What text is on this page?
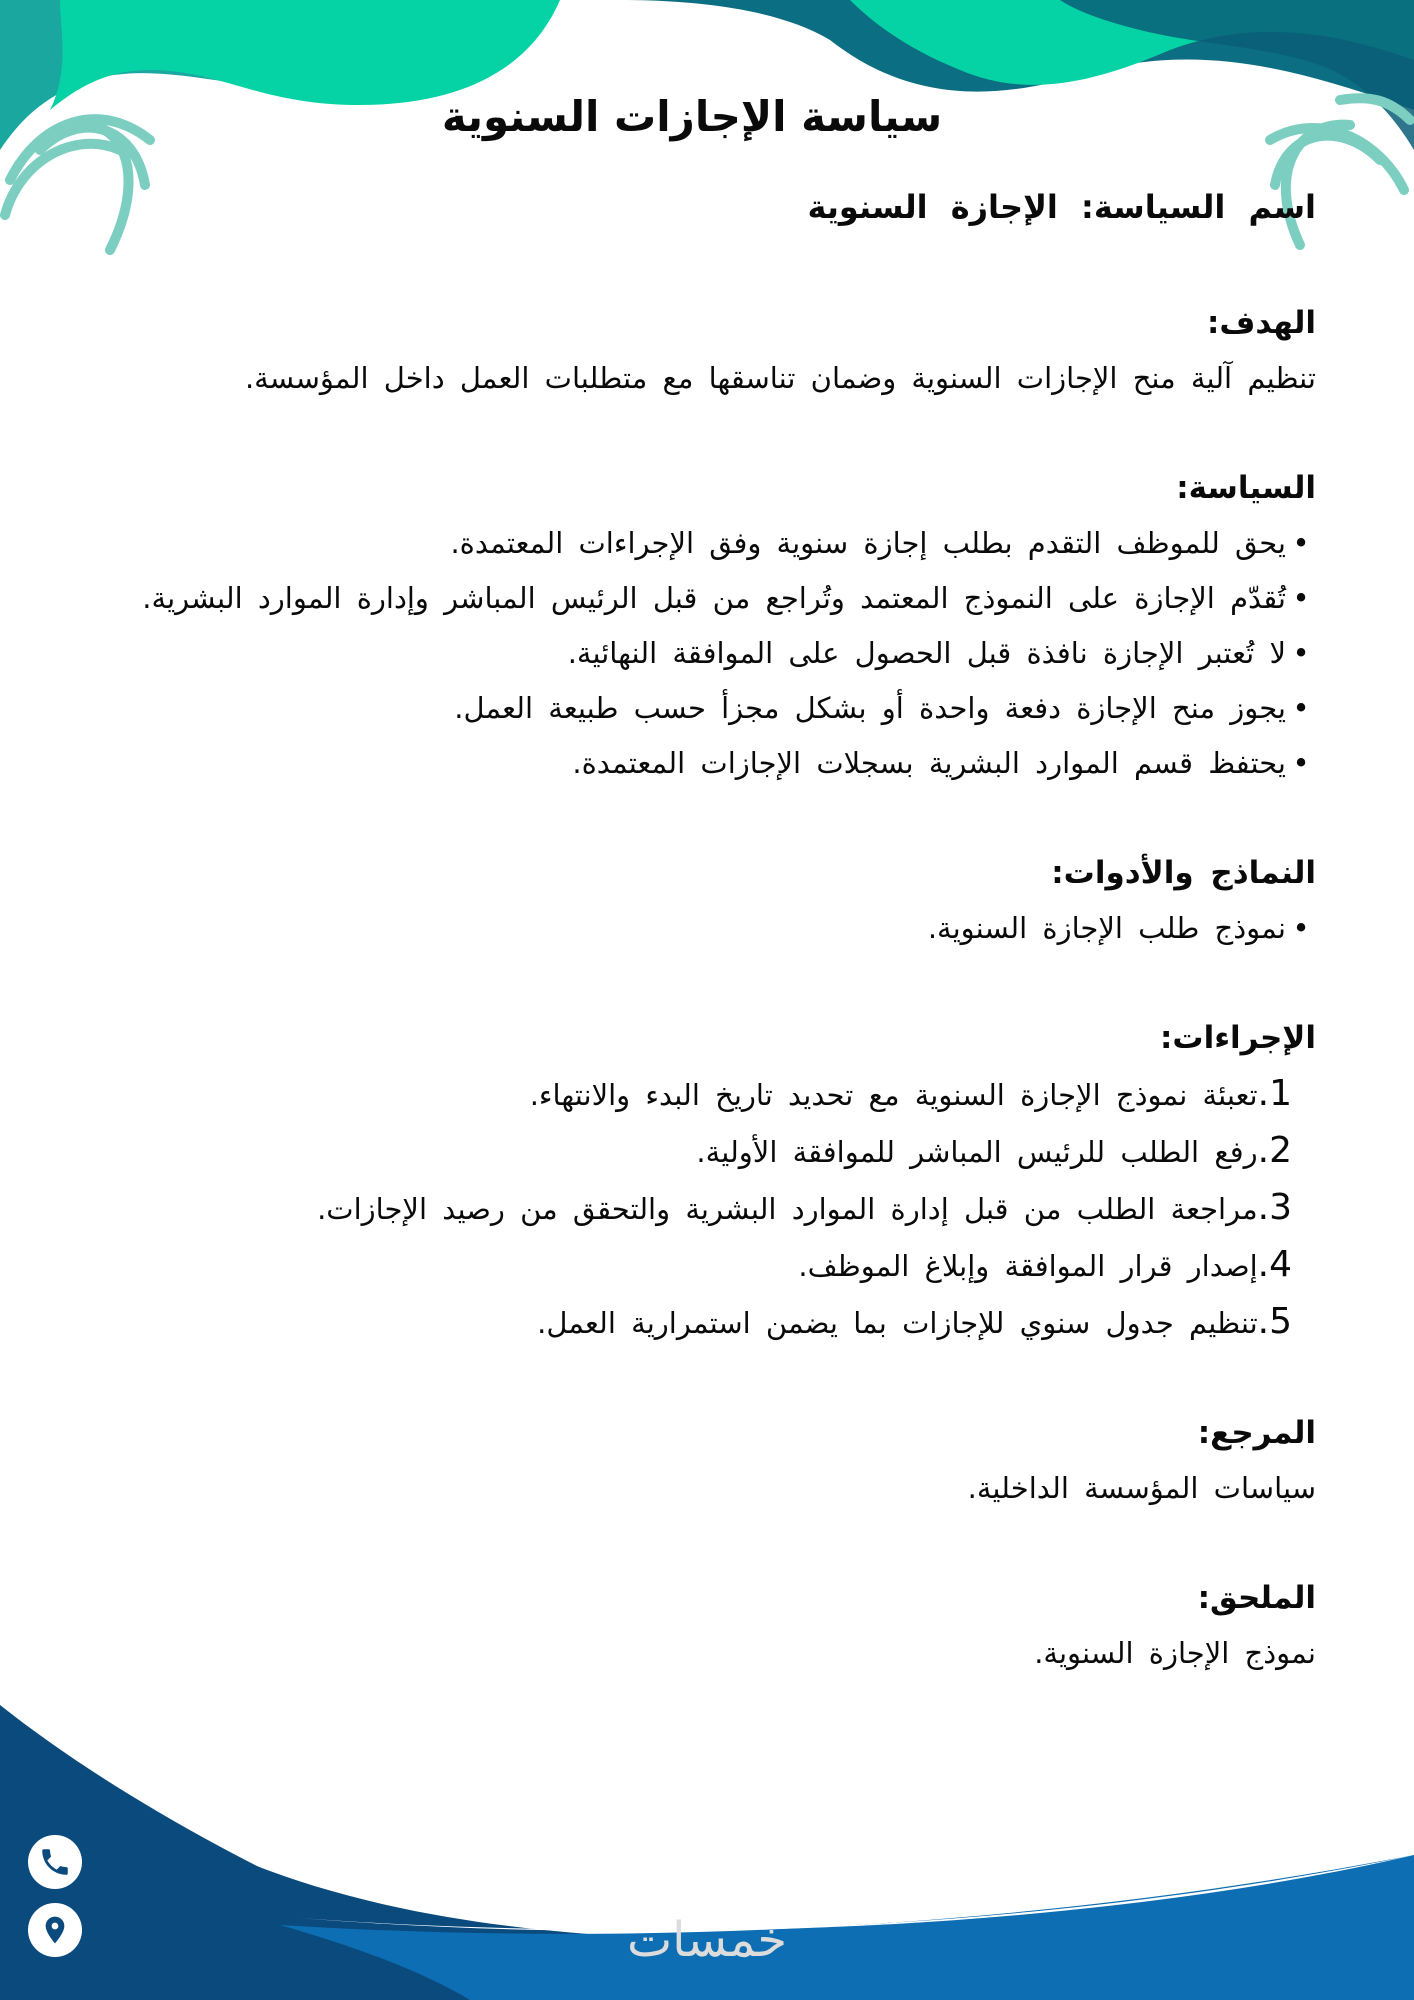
سياسة الإجازات السنوية

اسم السياسة: الإجازة السنوية

الهدف:

تنظيم آلية منح الإجازات السنوية وضمان تناسقها مع متطلبات العمل داخل المؤسسة.

السياسة:

•يحق للموظف التقدم بطلب إجازة سنوية وفق الإجراءات المعتمدة.
•تُقدّم الإجازة على النموذج المعتمد وتُراجع من قبل الرئيس المباشر وإدارة الموارد البشرية.
•لا تُعتبر الإجازة نافذة قبل الحصول على الموافقة النهائية.
•يجوز منح الإجازة دفعة واحدة أو بشكل مجزأ حسب طبيعة العمل.
•يحتفظ قسم الموارد البشرية بسجلات الإجازات المعتمدة.

النماذج والأدوات:

•نموذج طلب الإجازة السنوية.

الإجراءات:

1.تعبئة نموذج الإجازة السنوية مع تحديد تاريخ البدء والانتهاء.
2.رفع الطلب للرئيس المباشر للموافقة الأولية.
3.مراجعة الطلب من قبل إدارة الموارد البشرية والتحقق من رصيد الإجازات.
4.إصدار قرار الموافقة وإبلاغ الموظف.
5.تنظيم جدول سنوي للإجازات بما يضمن استمرارية العمل.

المرجع:

سياسات المؤسسة الداخلية.

الملحق:

نموذج الإجازة السنوية.

خمسات
